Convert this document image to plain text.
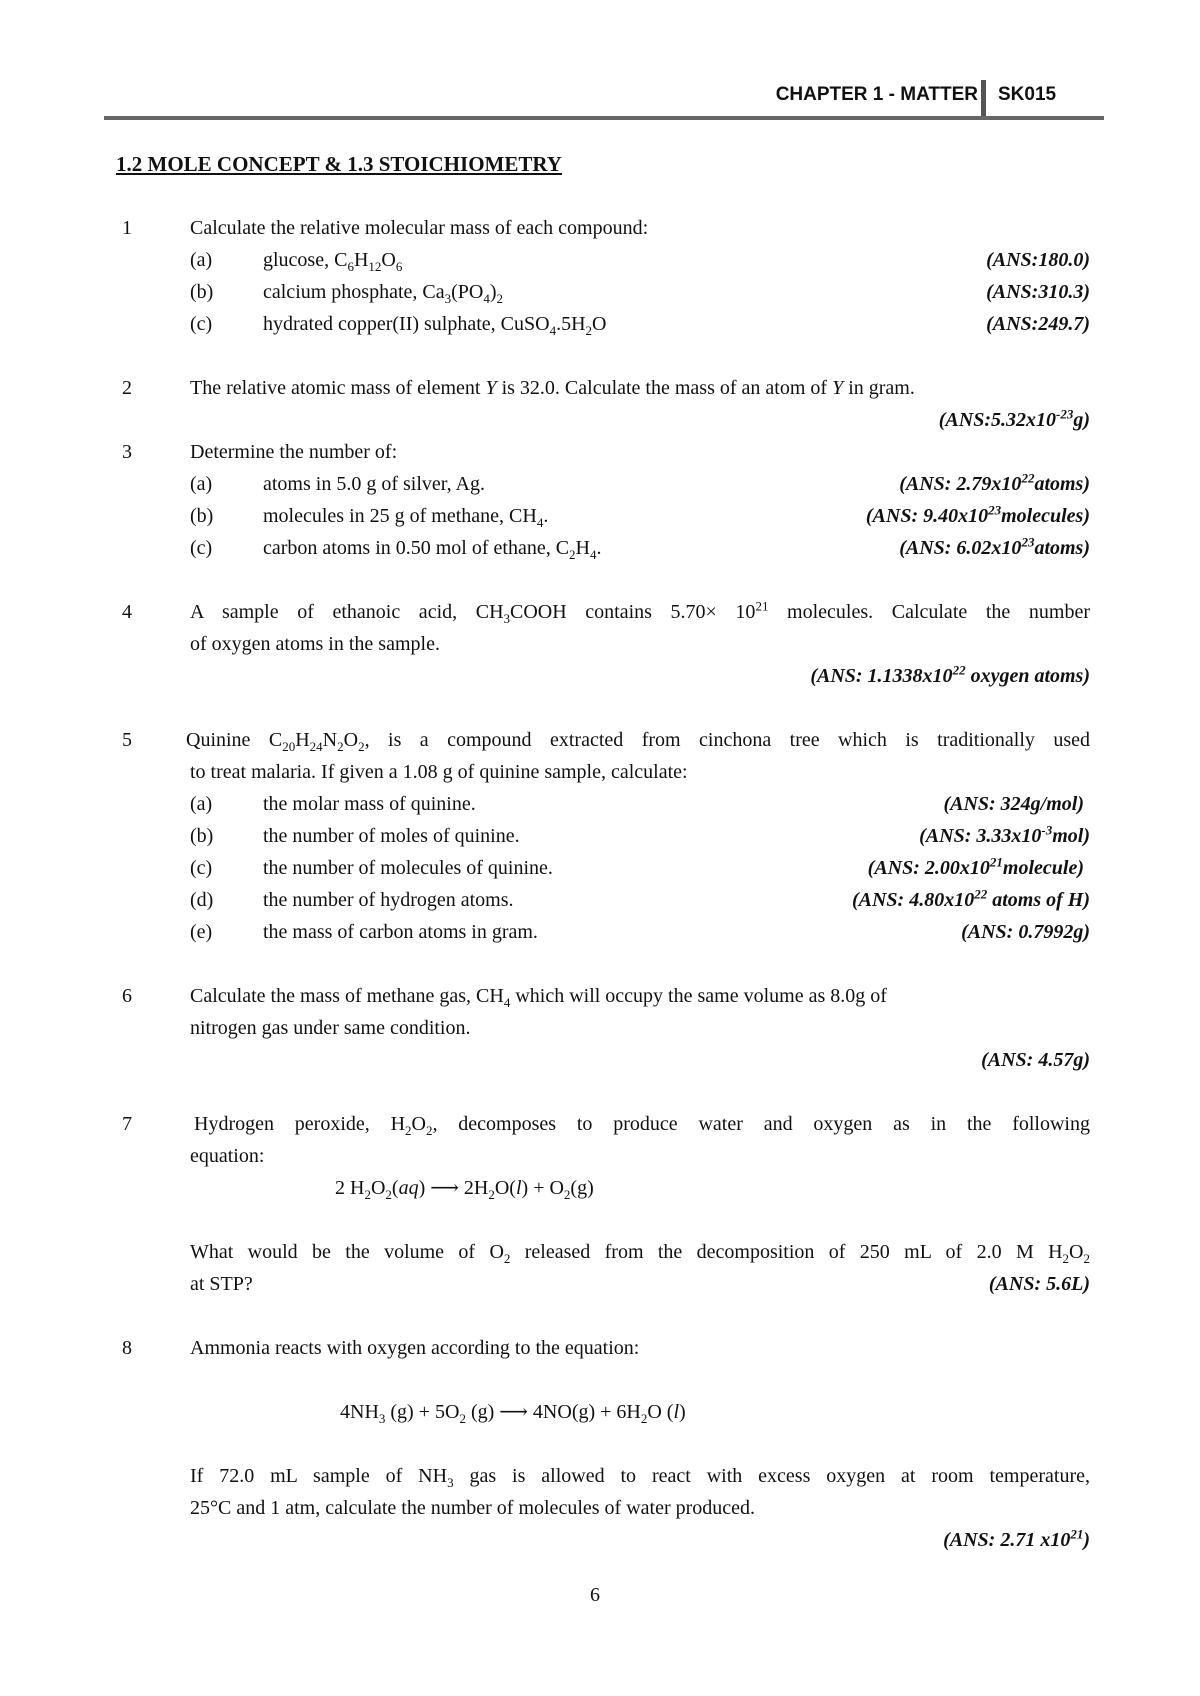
CHAPTER 1 - MATTER SK015
1.2 MOLE CONCEPT & 1.3 STOICHIOMETRY
1	Calculate the relative molecular mass of each compound:
(a)	glucose, $C_6H_{12}O_6$	(ANS:180.0)
(b) calcium phosphate, $Ca_3(PO_4)_2$	(ANS:310.3)
(c)	hydrated copper(II) sulphate, $CuSO_4.5H_2O$	(ANS:249.7)
2	The relative atomic mass of element Y is 32.0. Calculate the mass of an atom of Y in gram.
$(ANS:5.32x10^{-23}g)$
3	Determine the number of:
(a)	atoms in 5.0 g of silver, Ag.	(ANS: $2.79x10^{22}atoms$)
(b) molecules in 25 g of methane, $CH_4$.	(ANS: $9.40x10^{23}molecules$)
(c)	carbon atoms in 0.50 mol of ethane, $C_2H_4$.	(ANS: $6.02x10^{23}atoms$)
4	A sample of ethanoic acid, $CH_3COOH$ contains $5.70\times 10^{21}$ molecules. Calculate the number
of oxygen atoms in the sample.
(ANS: $1.1338x10^{22}$ oxygen atoms)
5	Quinine $C_{20}H_{24}N_2O_2$, is a compound extracted from cinchona tree which is traditionally used
to treat malaria. If given a 1.08 g of quinine sample, calculate:
(a)	the molar mass of quinine.	(ANS: 324g/mol)
(b) the number of moles of quinine.	(ANS: $3.33x10^{-3}mol$)
(c)	the number of molecules of quinine.	(ANS: $2.00x10^{21}molecule$)
(d) the number of hydrogen atoms.	(ANS: $4.80x10^{22}$ atoms of H)
(e)	the mass of carbon atoms in gram.	(ANS: 0.7992g)
6	Calculate the mass of methane gas, $CH_4$ which will occupy the same volume as 8.0g of
nitrogen gas under same condition.
(ANS: 4.57g)
7	Hydrogen peroxide, $H_2O_2$, decomposes to produce water and oxygen as in the following
equation:
2 $H_2O_2(aq)$ ⟶ $2H_2O(l) + O_2(g)$
What would be the volume of $O_2$ released from the decomposition of 250 mL of 2.0 M $H_2O_2$
at STP?	(ANS: 5.6L)
8	Ammonia reacts with oxygen according to the equation:
$4NH_3$ $(g) + 5O_2$ (g) ⟶ $4NO(g) + 6H_2O$ (l)
If 72.0 mL sample of $NH_3$ gas is allowed to react with excess oxygen at room temperature,
25°C and 1 atm, calculate the number of molecules of water produced.
(ANS: 2.71 $x10^{21}$)
6
